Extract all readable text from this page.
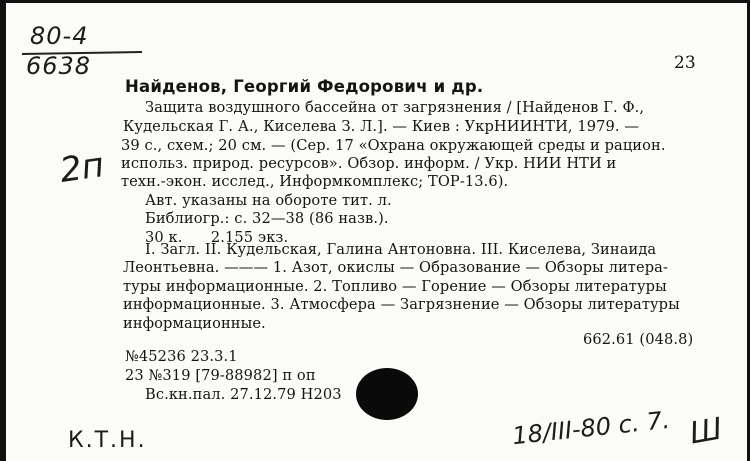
80-4
6638
2п
23
Найденов, Георгий Федорович и др.
Защита воздушного бассейна от загрязнения / [Найденов Г. Ф.,
Кудельская Г. А., Киселева З. Л.]. — Киев : УкрНИИНТИ, 1979. —
39 с., схем.; 20 см. — (Сер. 17 «Охрана окружающей среды и рацион.
использ. природ. ресурсов». Обзор. информ. / Укр. НИИ НТИ и
техн.-экон. исслед., Информкомплекс; ТОР-13.6).
Авт. указаны на обороте тит. л.
Библиогр.: с. 32—38 (86 назв.).
30 к.      2.155 экз.
I. Загл. II. Кудельская, Галина Антоновна. III. Киселева, Зинаида
Леонтьевна. ——— 1. Азот, окислы — Образование — Обзоры литера-
туры информационные. 2. Топливо — Горение — Обзоры литературы
информационные. 3. Атмосфера — Загрязнение — Обзоры литературы
информационные.
662.61 (048.8)
№45236 23.3.1
23 №319 [79-88982] п оп
Вс.кн.пал. 27.12.79 Н203
К.Т.Н.	18/III-80 с. 7. Ш
